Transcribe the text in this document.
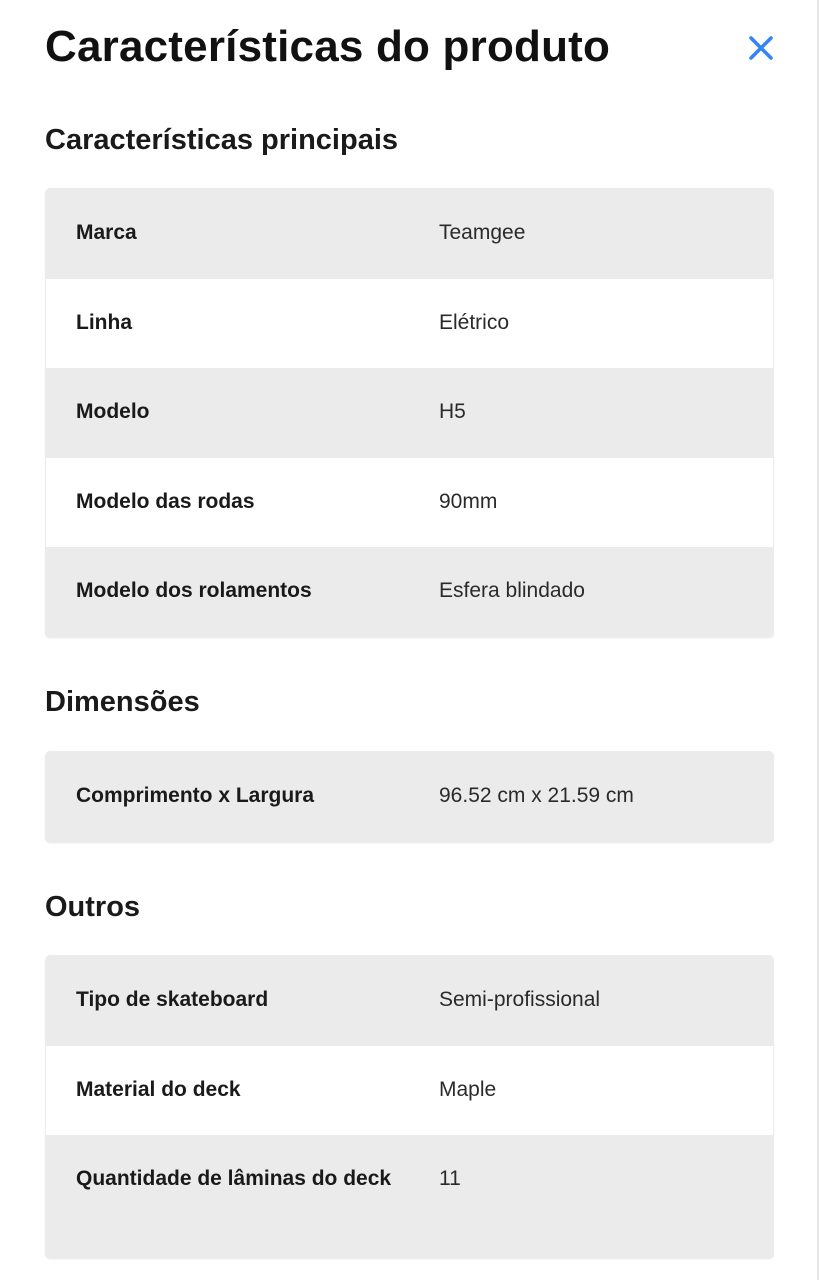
Características do produto
Características principais
Marca	Teamgee
Linha	Elétrico
Modelo	H5
Modelo das rodas	90mm
Modelo dos rolamentos	Esfera blindado
Dimensões
Comprimento x Largura	96.52 cm x 21.59 cm
Outros
Tipo de skateboard	Semi-profissional
Material do deck	Maple
Quantidade de lâminas do deck	11
